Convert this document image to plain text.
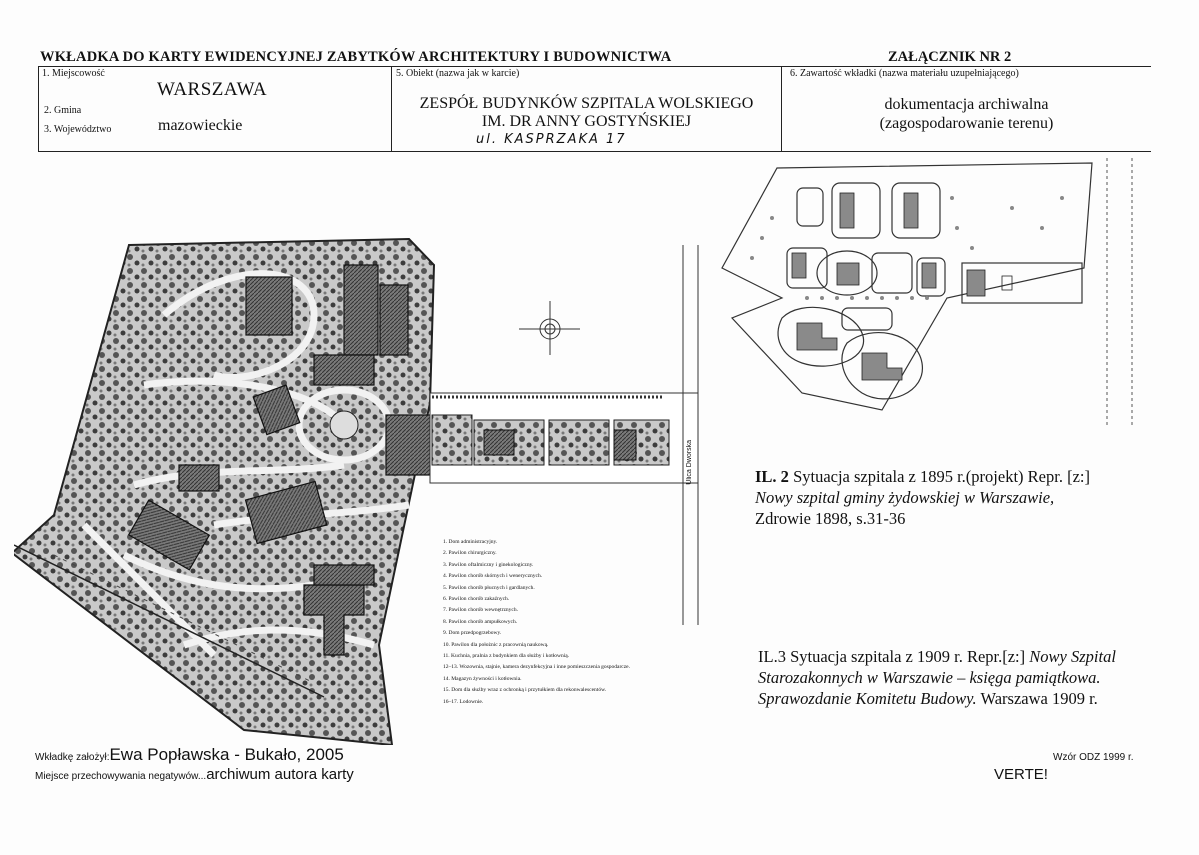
WKŁADKA DO KARTY EWIDENCYJNEJ ZABYTKÓW ARCHITEKTURY I BUDOWNICTWA	ZAŁĄCZNIK NR 2
1. Miejscowość
WARSZAWA
2. Gmina
3. Województwo	mazowieckie
5. Obiekt (nazwa jak w karcie)
ZESPÓŁ BUDYNKÓW SZPITALA WOLSKIEGO
IM. DR ANNY GOSTYŃSKIEJ
ul. KASPRZAKA 17
6. Zawartość wkładki (nazwa materiału uzupełniającego)
dokumentacja archiwalna
(zagospodarowanie terenu)
Ulica Dworska
1. Dom administracyjny.
2. Pawilon chirurgiczny.
3. Pawilon oftalmiczny i ginekologiczny.
4. Pawilon chorób skórnych i wenerycznych.
5. Pawilon chorób płucnych i gardlanych.
6. Pawilon chorób zakaźnych.
7. Pawilon chorób wewnętrznych.
8. Pawilon chorób ampułkowych.
9. Dom przedpogrzebowy.
10. Pawilon dla położnic z pracownią naukową.
11. Kuchnia, pralnia z budynkiem dla służby i kotłownią.
12–13. Wozownia, stajnie, kamera dezynfekcyjna i inne pomieszczenia gospodarcze.
14. Magazyn żywności i kotłownia.
15. Dom dla służby wraz z ochronką i przytułkiem dla rekonwalescentów.
16–17. Lodownie.
IL. 2 Sytuacja szpitala z 1895 r.(projekt) Repr. [z:]
Nowy szpital gminy żydowskiej w Warszawie,
Zdrowie 1898, s.31-36
IL.3 Sytuacja szpitala z 1909 r. Repr.[z:] Nowy Szpital
Starozakonnych w Warszawie – księga pamiątkowa.
Sprawozdanie Komitetu Budowy. Warszawa 1909 r.
Wkładkę założył:Ewa Popławska - Bukało, 2005
Miejsce przechowywania negatywów...archiwum autora karty
Wzór ODZ 1999 r.
VERTE!
